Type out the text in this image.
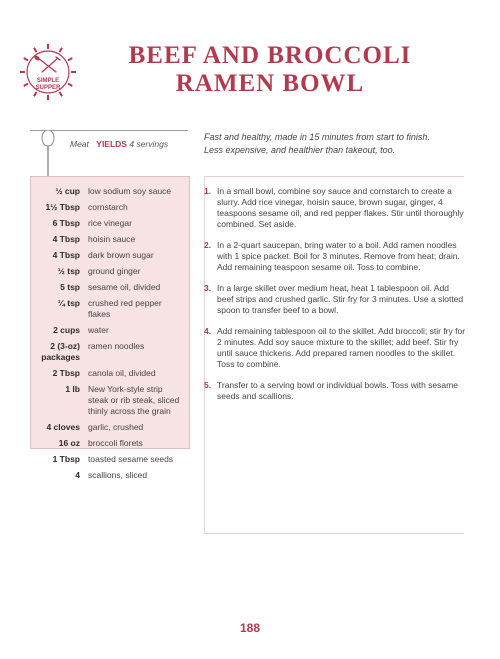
SIMPLE
SUPPER
BEEF AND BROCCOLI
RAMEN BOWL
Meat YIELDS 4 servings

Fast and healthy, made in 15 minutes from start to finish.
Less expensive, and healthier than takeout, too.

½ cup low sodium soy sauce
1½ Tbsp cornstarch
6 Tbsp rice vinegar
4 Tbsp hoisin sauce
4 Tbsp dark brown sugar
½ tsp ground ginger
5 tsp sesame oil, divided
¼ tsp crushed red pepper flakes
2 cups water
2 (3-oz) packages
ramen noodles
2 Tbsp canola oil, divided
1 lb New York-style strip steak or rib steak, sliced thinly across the grain
4 cloves garlic, crushed
16 oz broccoli florets
1 Tbsp toasted sesame seeds
4 scallions, sliced
1. In a small bowl, combine soy sauce and cornstarch to create a slurry. Add rice vinegar, hoisin sauce, brown sugar, ginger, 4 teaspoons sesame oil, and red pepper flakes. Stir until thoroughly combined. Set aside.
2. In a 2-quart saucepan, bring water to a boil. Add ramen noodles with 1 spice packet. Boil for 3 minutes. Remove from heat; drain. Add remaining teaspoon sesame oil. Toss to combine.
3. In a large skillet over medium heat, heat 1 tablespoon oil. Add beef strips and crushed garlic. Stir fry for 3 minutes. Use a slotted spoon to transfer beef to a bowl.
4. Add remaining tablespoon oil to the skillet. Add broccoli; stir fry for 2 minutes. Add soy sauce mixture to the skillet; add beef. Stir fry until sauce thickens. Add prepared ramen noodles to the skillet. Toss to combine.
5. Transfer to a serving bowl or individual bowls. Toss with sesame seeds and scallions.
188
